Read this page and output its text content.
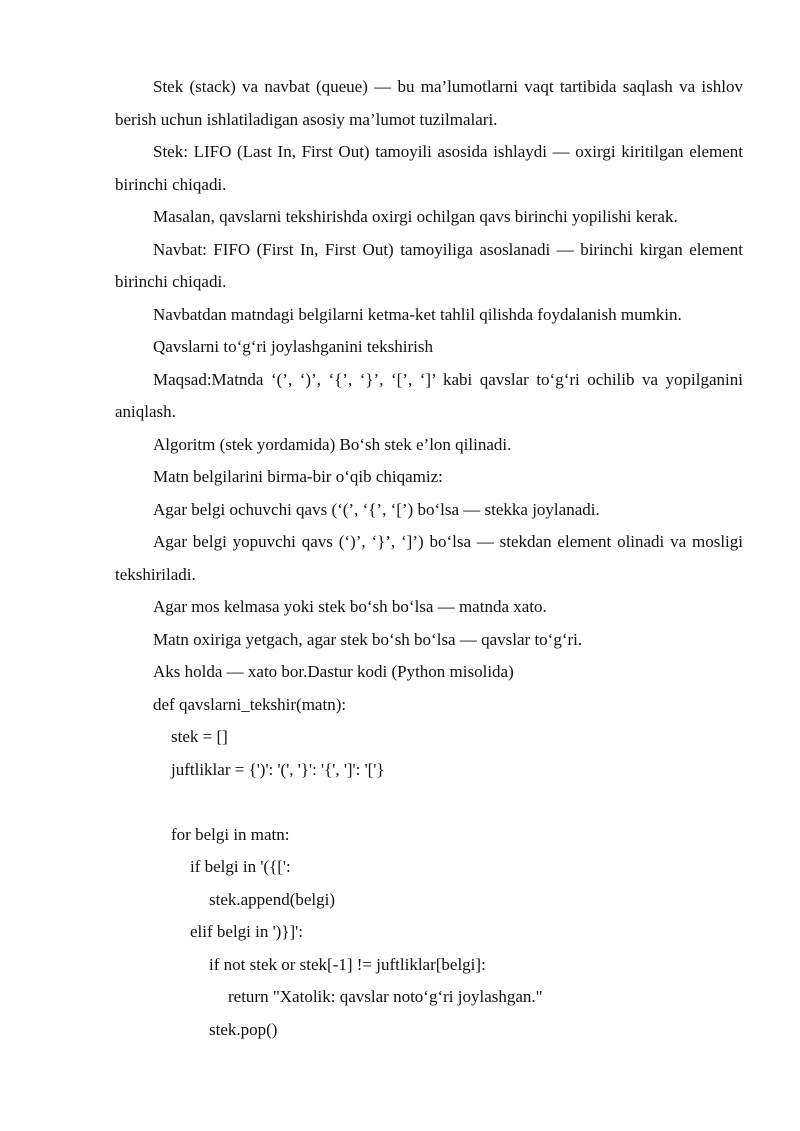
Stek (stack) va navbat (queue) — bu ma’lumotlarni vaqt tartibida saqlash va ishlov berish uchun ishlatiladigan asosiy ma’lumot tuzilmalari.

Stek: LIFO (Last In, First Out) tamoyili asosida ishlaydi — oxirgi kiritilgan element birinchi chiqadi.

Masalan, qavslarni tekshirishda oxirgi ochilgan qavs birinchi yopilishi kerak.

Navbat: FIFO (First In, First Out) tamoyiliga asoslanadi — birinchi kirgan element birinchi chiqadi.

Navbatdan matndagi belgilarni ketma-ket tahlil qilishda foydalanish mumkin.

Qavslarni to‘g‘ri joylashganini tekshirish

Maqsad:Matnda ‘(’, ‘)’, ‘{’, ‘}’, ‘[’, ‘]’ kabi qavslar to‘g‘ri ochilib va yopilganini aniqlash.

Algoritm (stek yordamida) Bo‘sh stek e’lon qilinadi.

Matn belgilarini birma-bir o‘qib chiqamiz:

Agar belgi ochuvchi qavs (‘(’, ‘{’, ‘[’) bo‘lsa — stekka joylanadi.

Agar belgi yopuvchi qavs (‘)’, ‘}’, ‘]’) bo‘lsa — stekdan element olinadi va mosligi tekshiriladi.

Agar mos kelmasa yoki stek bo‘sh bo‘lsa — matnda xato.

Matn oxiriga yetgach, agar stek bo‘sh bo‘lsa — qavslar to‘g‘ri.

Aks holda — xato bor.Dastur kodi (Python misolida)

def qavslarni_tekshir(matn):
stek = []
juftliklar = {')': '(', '}': '{', ']': '['}
for belgi in matn:
if belgi in '({[':
stek.append(belgi)
elif belgi in ')}]':
if not stek or stek[-1] != juftliklar[belgi]:
return "Xatolik: qavslar noto‘g‘ri joylashgan."
stek.pop()
